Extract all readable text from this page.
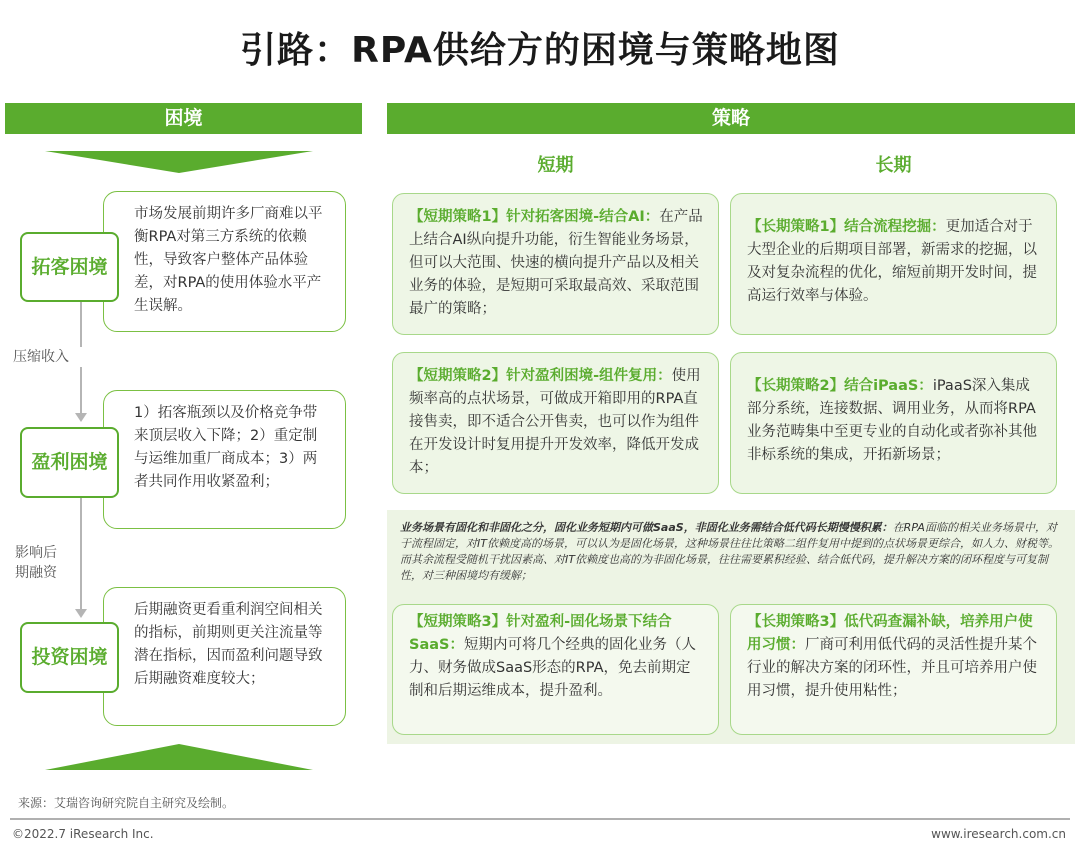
引路：RPA供给方的困境与策略地图
困境
压缩收入
影响后期融资
市场发展前期许多厂商难以平衡RPA对第三方系统的依赖性，导致客户整体产品体验差，对RPA的使用体验水平产生误解。
拓客困境
1）拓客瓶颈以及价格竞争带来顶层收入下降；2）重定制与运维加重厂商成本；3）两者共同作用收紧盈利；
盈利困境
后期融资更看重利润空间相关的指标，前期则更关注流量等潜在指标，因而盈利问题导致后期融资难度较大；
投资困境
策略
短期	长期
【短期策略1】针对拓客困境-结合AI：在产品上结合AI纵向提升功能，衍生智能业务场景，但可以大范围、快速的横向提升产品以及相关业务的体验，是短期可采取最高效、采取范围最广的策略；
【长期策略1】结合流程挖掘：更加适合对于大型企业的后期项目部署，新需求的挖掘，以及对复杂流程的优化，缩短前期开发时间，提高运行效率与体验。
【短期策略2】针对盈利困境-组件复用：使用频率高的点状场景，可做成开箱即用的RPA直接售卖，即不适合公开售卖，也可以作为组件在开发设计时复用提升开发效率，降低开发成本；
【长期策略2】结合iPaaS：iPaaS深入集成部分系统，连接数据、调用业务，从而将RPA业务范畴集中至更专业的自动化或者弥补其他非标系统的集成，开拓新场景；
业务场景有固化和非固化之分，固化业务短期内可做SaaS，非固化业务需结合低代码长期慢慢积累：在RPA面临的相关业务场景中，对于流程固定，对IT依赖度高的场景，可以认为是固化场景，这种场景往往比策略二组件复用中提到的点状场景更综合，如人力、财税等。而其余流程受随机干扰因素高、对IT依赖度也高的为非固化场景，往往需要累积经验、结合低代码，提升解决方案的闭环程度与可复制性，对三种困境均有缓解；
【短期策略3】针对盈利-固化场景下结合SaaS：短期内可将几个经典的固化业务（人力、财务做成SaaS形态的RPA，免去前期定制和后期运维成本，提升盈利。
【长期策略3】低代码查漏补缺，培养用户使用习惯：厂商可利用低代码的灵活性提升某个行业的解决方案的闭环性，并且可培养用户使用习惯，提升使用粘性；
来源：艾瑞咨询研究院自主研究及绘制。
©2022.7 iResearch Inc.	www.iresearch.com.cn
